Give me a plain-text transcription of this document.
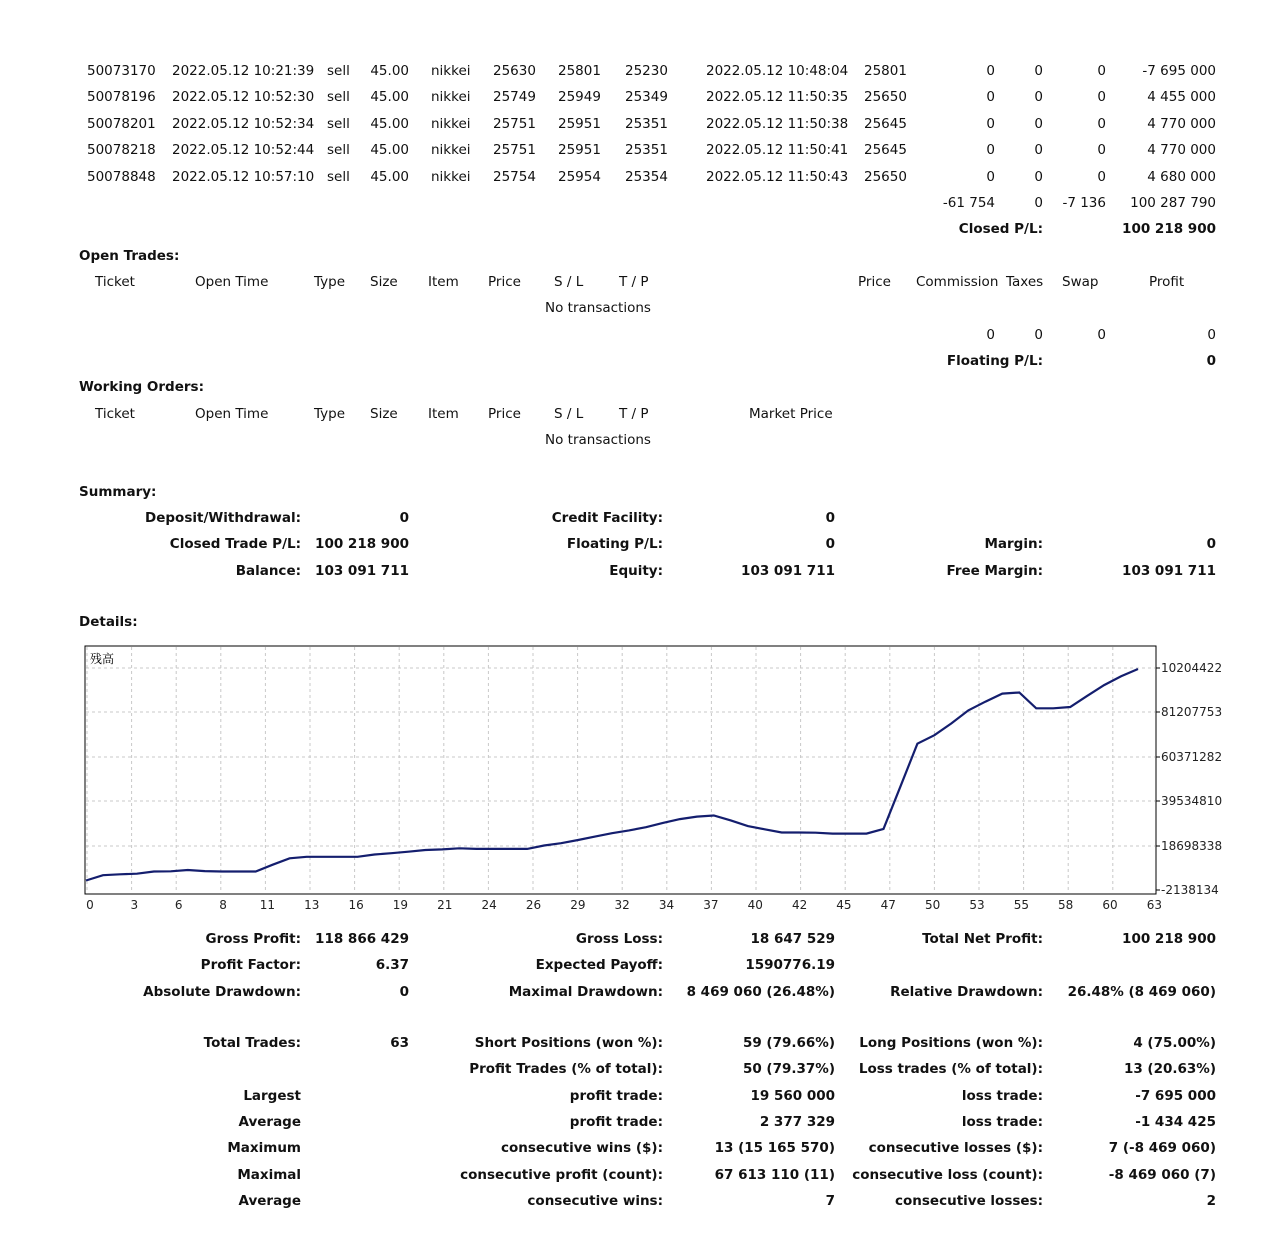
50073170 2022.05.12 10:21:39 sell	45.00 nikkei 25630 25801 25230	2022.05.12 10:48:04 25801	0	0	0	-7 695 000
50078196 2022.05.12 10:52:30 sell	45.00 nikkei 25749 25949 25349	2022.05.12 11:50:35 25650	0	0	0	4 455 000
50078201 2022.05.12 10:52:34 sell	45.00 nikkei 25751 25951 25351	2022.05.12 11:50:38 25645	0	0	0	4 770 000
50078218 2022.05.12 10:52:44 sell	45.00 nikkei 25751 25951 25351	2022.05.12 11:50:41 25645	0	0	0	4 770 000
50078848 2022.05.12 10:57:10 sell	45.00 nikkei 25754 25954 25354	2022.05.12 11:50:43 25650	0	0	0	4 680 000
-61 754	0	-7 136	100 287 790
Closed P/L:	100 218 900
Open Trades:
Ticket	Open Time	Type Size Item Price S / L	T / P	Price Commission Taxes Swap	Profit
No transactions
0	0	0	0
Floating P/L:	0
Working Orders:
Ticket	Open Time	Type Size Item Price S / L	T / P	Market Price
No transactions
Summary:
Deposit/Withdrawal:	0	Credit Facility:	0
Closed Trade P/L:	100 218 900	Floating P/L:	0	Margin:	0
Balance:	103 091 711	Equity:	103 091 711	Free Margin:	103 091 711
Details:
残高
0	3	6	8	11 13 16 19 21 24 26 29 32 34 37 40 42 45 47 50 53 55 58 60 63
10204422
81207753
60371282
39534810
18698338
-2138134
Gross Profit:	118 866 429	Gross Loss:	18 647 529	Total Net Profit:	100 218 900
Profit Factor:	6.37	Expected Payoff:	1590776.19
Absolute Drawdown:	0	Maximal Drawdown:	8 469 060 (26.48%)	Relative Drawdown:	26.48% (8 469 060)
Total Trades:	63	Short Positions (won %):	59 (79.66%)	Long Positions (won %):	4 (75.00%)
Profit Trades (% of total):	50 (79.37%)	Loss trades (% of total):	13 (20.63%)
Largest	profit trade:	19 560 000	loss trade:	-7 695 000
Average	profit trade:	2 377 329	loss trade:	-1 434 425
Maximum	consecutive wins ($):	13 (15 165 570)	consecutive losses ($):	7 (-8 469 060)
Maximal	consecutive profit (count):	67 613 110 (11) consecutive loss (count):	-8 469 060 (7)
Average	consecutive wins:	7	consecutive losses:	2
